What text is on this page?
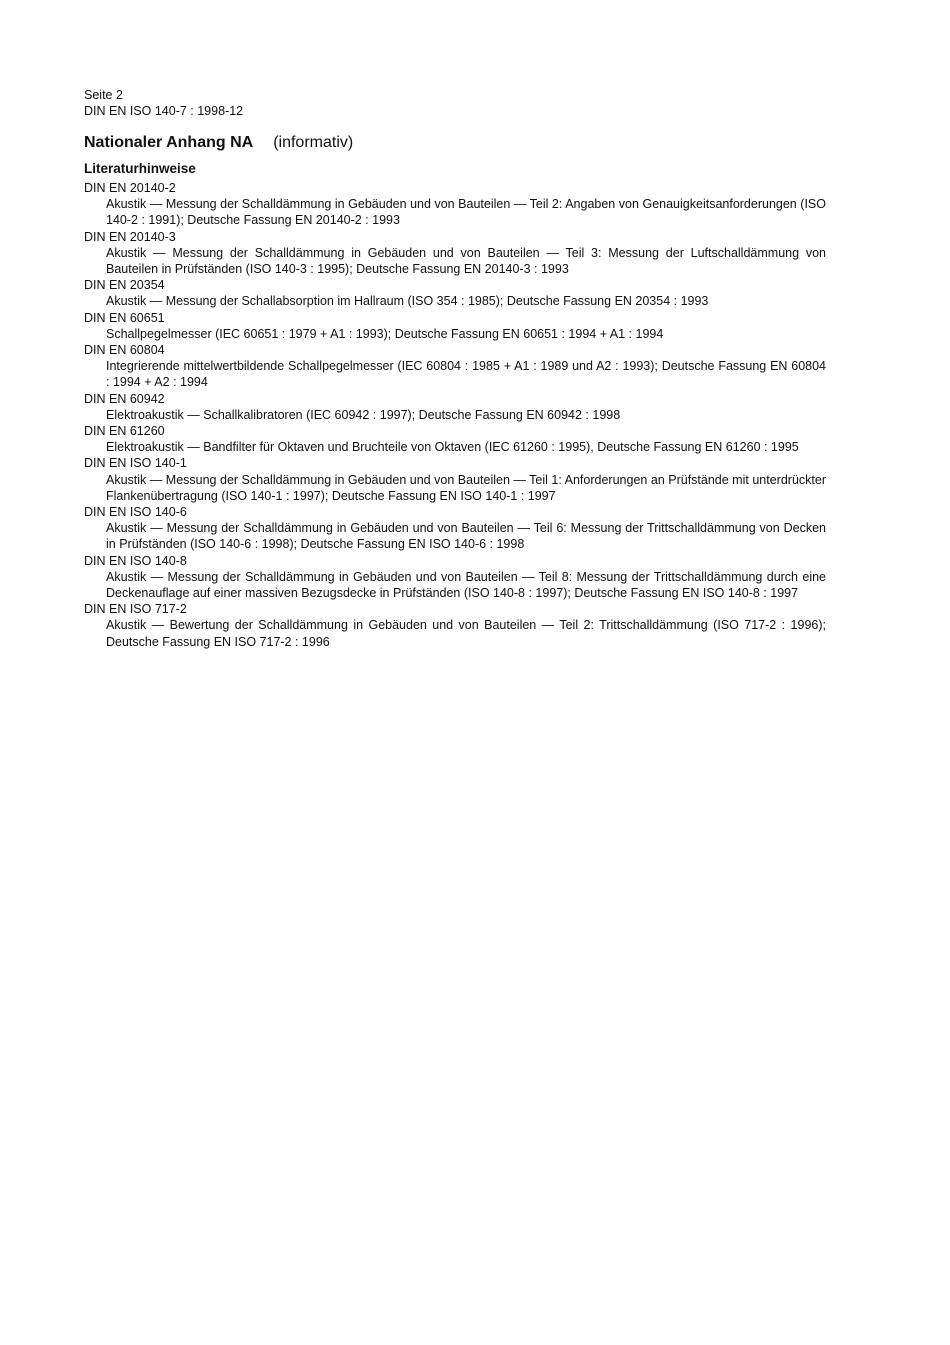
Seite 2
DIN EN ISO 140-7 : 1998-12
Nationaler Anhang NA (informativ)
Literaturhinweise
DIN EN 20140-2
Akustik — Messung der Schalldämmung in Gebäuden und von Bauteilen — Teil 2: Angaben von Genauigkeitsanforderungen (ISO 140-2 : 1991); Deutsche Fassung EN 20140-2 : 1993
DIN EN 20140-3
Akustik — Messung der Schalldämmung in Gebäuden und von Bauteilen — Teil 3: Messung der Luftschalldämmung von Bauteilen in Prüfständen (ISO 140-3 : 1995); Deutsche Fassung EN 20140-3 : 1993
DIN EN 20354
Akustik — Messung der Schallabsorption im Hallraum (ISO 354 : 1985); Deutsche Fassung EN 20354 : 1993
DIN EN 60651
Schallpegelmesser (IEC 60651 : 1979 + A1 : 1993); Deutsche Fassung EN 60651 : 1994 + A1 : 1994
DIN EN 60804
Integrierende mittelwertbildende Schallpegelmesser (IEC 60804 : 1985 + A1 : 1989 und A2 : 1993); Deutsche Fassung EN 60804 : 1994 + A2 : 1994
DIN EN 60942
Elektroakustik — Schallkalibratoren (IEC 60942 : 1997); Deutsche Fassung EN 60942 : 1998
DIN EN 61260
Elektroakustik — Bandfilter für Oktaven und Bruchteile von Oktaven (IEC 61260 : 1995), Deutsche Fassung EN 61260 : 1995
DIN EN ISO 140-1
Akustik — Messung der Schalldämmung in Gebäuden und von Bauteilen — Teil 1: Anforderungen an Prüfstände mit unterdrückter Flankenübertragung (ISO 140-1 : 1997); Deutsche Fassung EN ISO 140-1 : 1997
DIN EN ISO 140-6
Akustik — Messung der Schalldämmung in Gebäuden und von Bauteilen — Teil 6: Messung der Trittschalldämmung von Decken in Prüfständen (ISO 140-6 : 1998); Deutsche Fassung EN ISO 140-6 : 1998
DIN EN ISO 140-8
Akustik — Messung der Schalldämmung in Gebäuden und von Bauteilen — Teil 8: Messung der Trittschalldämmung durch eine Deckenauflage auf einer massiven Bezugsdecke in Prüfständen (ISO 140-8 : 1997); Deutsche Fassung EN ISO 140-8 : 1997
DIN EN ISO 717-2
Akustik — Bewertung der Schalldämmung in Gebäuden und von Bauteilen — Teil 2: Trittschalldämmung (ISO 717-2 : 1996); Deutsche Fassung EN ISO 717-2 : 1996
